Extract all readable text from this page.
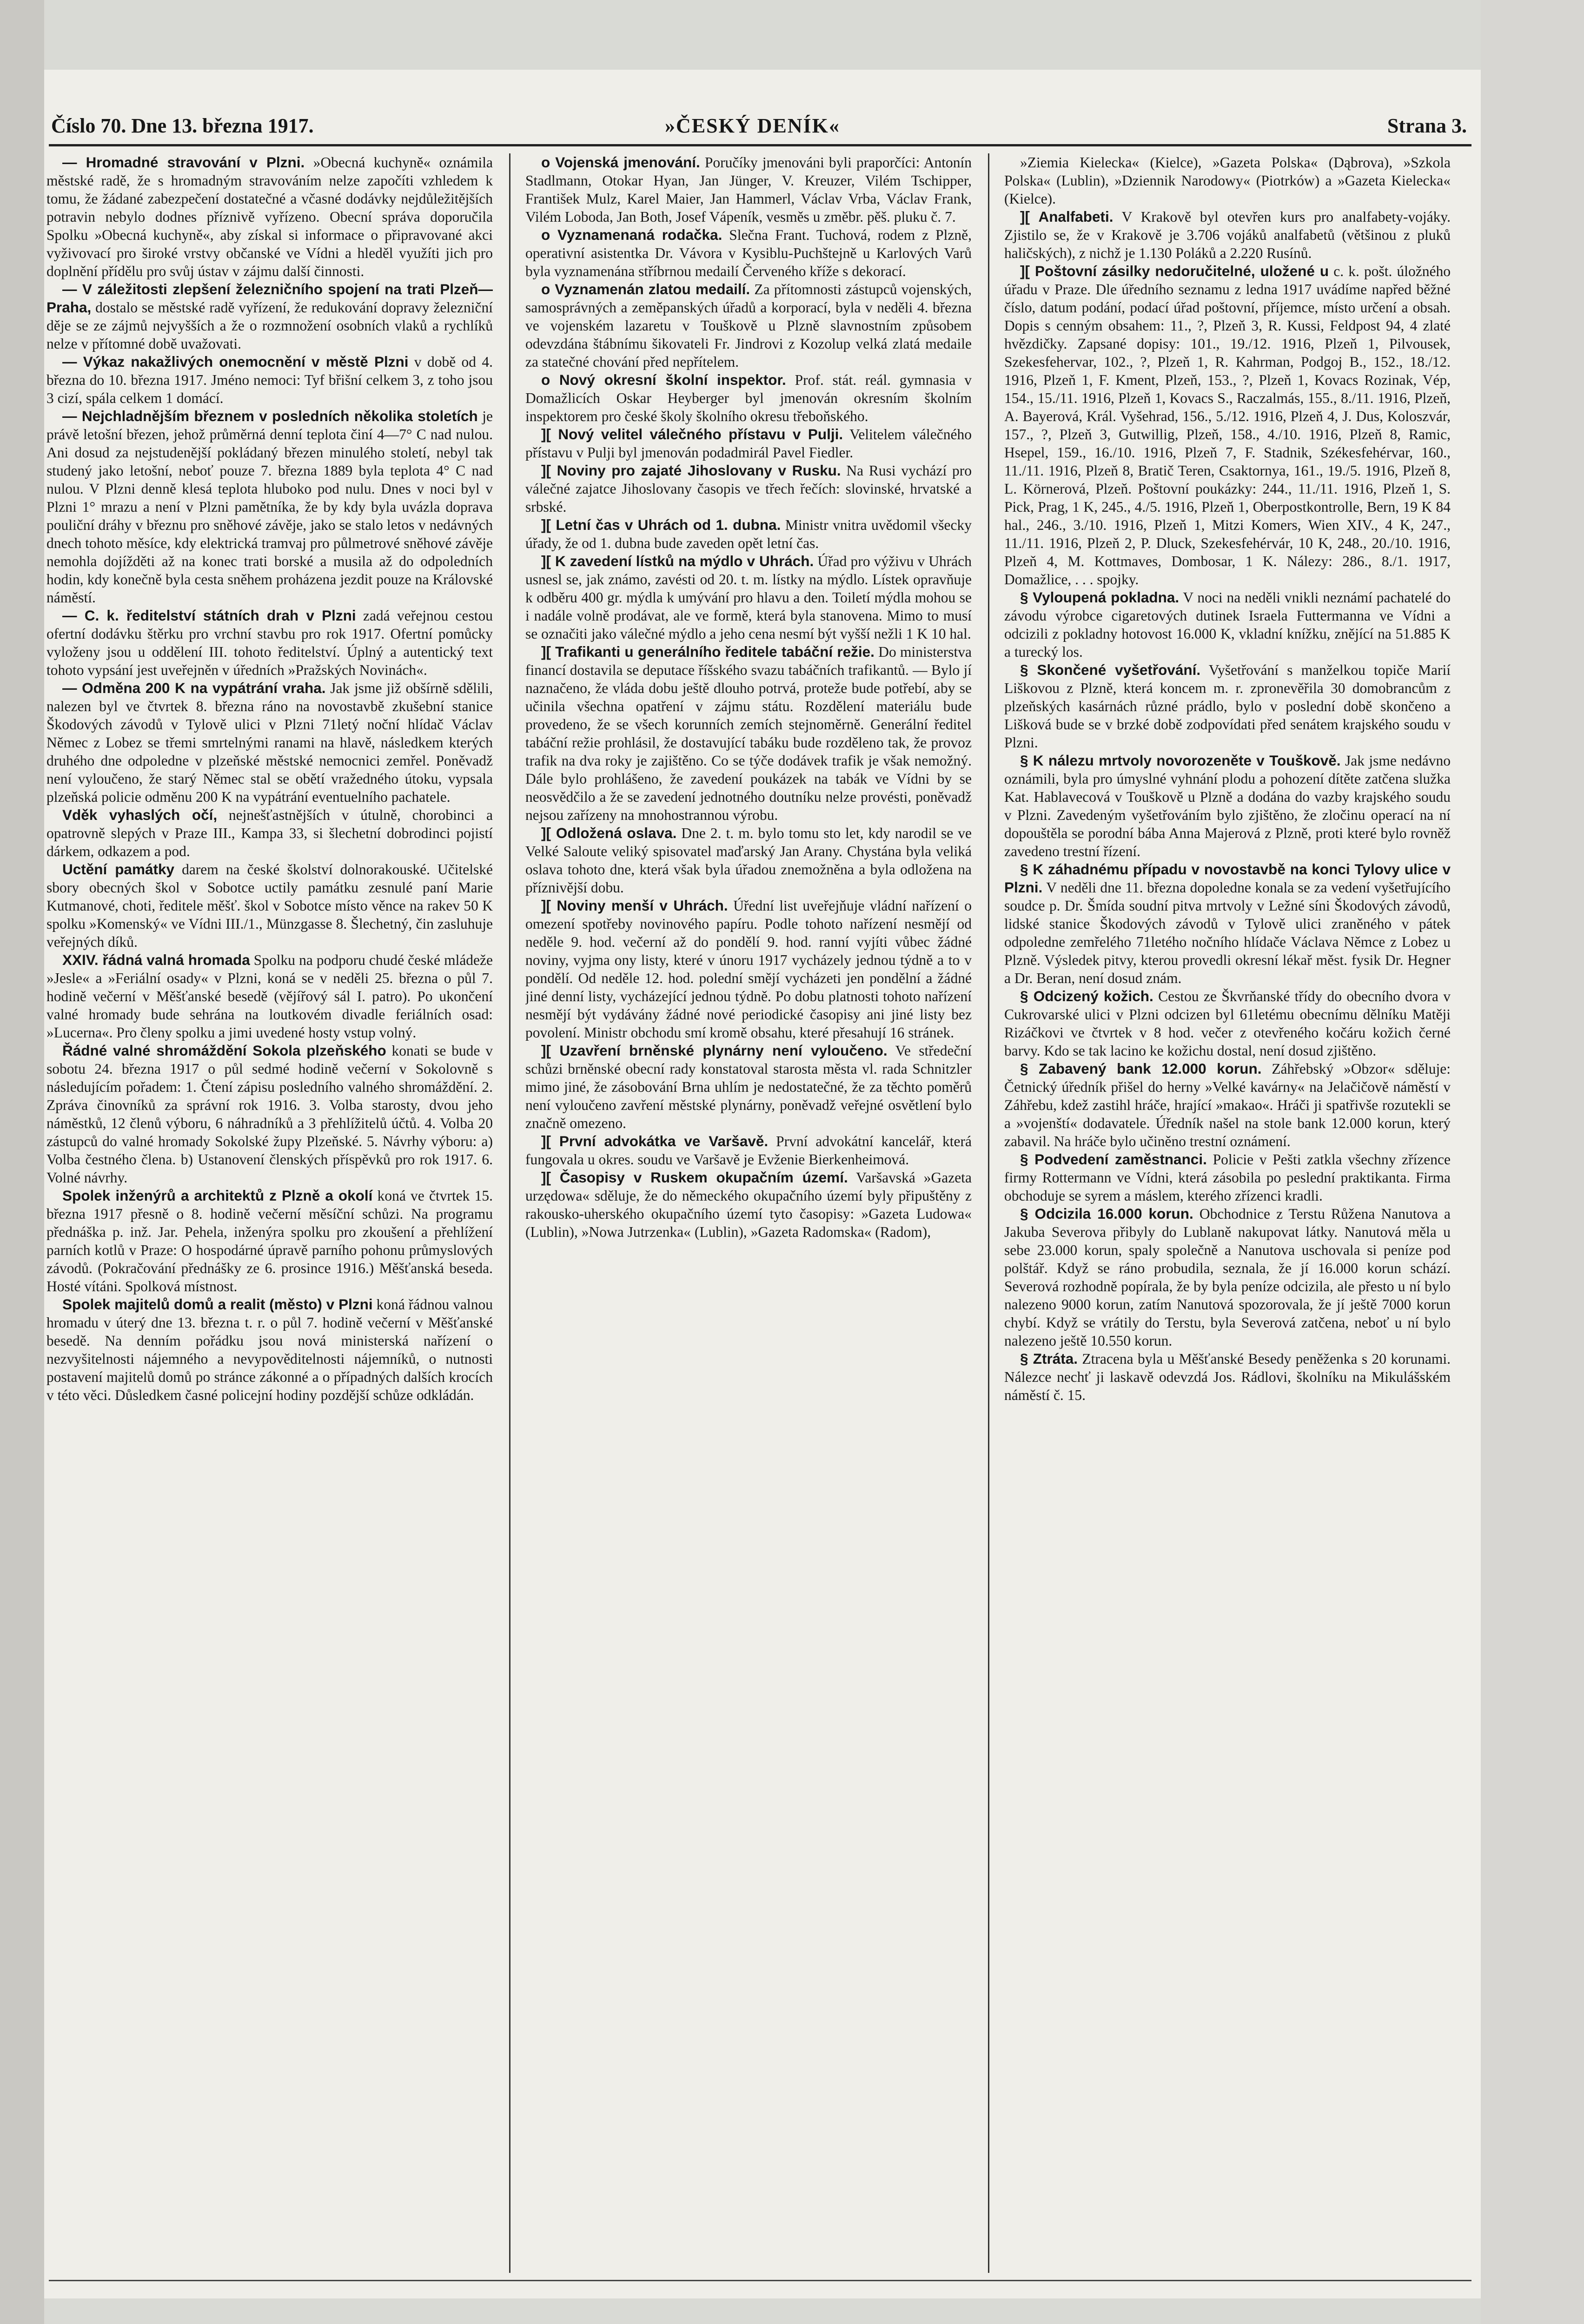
Číslo 70. Dne 13. března 1917.	»ČESKÝ DENÍK«	Strana 3.

— Hromadné stravování v Plzni. »Obecná kuchyně« oznámila městské radě, že s hromadným stravováním nelze započíti vzhledem k tomu, že žádané zabezpečení dostatečné a včasné dodávky nejdůležitějších potravin nebylo dodnes příznivě vyřízeno. Obecní správa doporučila Spolku »Obecná kuchyně«, aby získal si informace o připravované akci vyživovací pro široké vrstvy občanské ve Vídni a hleděl využíti jich pro doplnění přídělu pro svůj ústav v zájmu další činnosti.

— V záležitosti zlepšení železničního spojení na trati Plzeň—Praha, dostalo se městské radě vyřízení, že redukování dopravy železniční děje se ze zájmů nejvyšších a že o rozmnožení osobních vlaků a rychlíků nelze v přítomné době uvažovati.

— Výkaz nakažlivých onemocnění v městě Plzni v době od 4. března do 10. března 1917. Jméno nemoci: Tyf břišní celkem 3, z toho jsou 3 cizí, spála celkem 1 domácí.

— Nejchladnějším březnem v posledních několika stoletích je právě letošní březen, jehož průměrná denní teplota činí 4—7° C nad nulou. Ani dosud za nejstudenější pokládaný březen minulého století, nebyl tak studený jako letošní, neboť pouze 7. března 1889 byla teplota 4° C nad nulou. V Plzni denně klesá teplota hluboko pod nulu. Dnes v noci byl v Plzni 1° mrazu a není v Plzni pamětníka, že by kdy byla uvázla doprava pouliční dráhy v březnu pro sněhové závěje, jako se stalo letos v nedávných dnech tohoto měsíce, kdy elektrická tramvaj pro půlmetrové sněhové závěje nemohla dojížděti až na konec trati borské a musila až do odpoledních hodin, kdy konečně byla cesta sněhem proházena jezdit pouze na Královské náměstí.

— C. k. ředitelství státních drah v Plzni zadá veřejnou cestou ofertní dodávku štěrku pro vrchní stavbu pro rok 1917. Ofertní pomůcky vyloženy jsou u oddělení III. tohoto ředitelství. Úplný a autentický text tohoto vypsání jest uveřejněn v úředních »Pražských Novinách«.

— Odměna 200 K na vypátrání vraha. Jak jsme již obšírně sdělili, nalezen byl ve čtvrtek 8. března ráno na novostavbě zkušební stanice Škodových závodů v Tylově ulici v Plzni 71letý noční hlídač Václav Němec z Lobez se třemi smrtelnými ranami na hlavě, následkem kterých druhého dne odpoledne v plzeňské městské nemocnici zemřel. Poněvadž není vyloučeno, že starý Němec stal se obětí vražedného útoku, vypsala plzeňská policie odměnu 200 K na vypátrání eventuelního pachatele.

Vděk vyhaslých očí, nejnešťastnějších v útulně, chorobinci a opatrovně slepých v Praze III., Kampa 33, si šlechetní dobrodinci pojistí dárkem, odkazem a pod.

Uctění památky darem na české školství dolnorakouské. Učitelské sbory obecných škol v Sobotce uctily památku zesnulé paní Marie Kutmanové, choti, ředitele měšť. škol v Sobotce místo věnce na rakev 50 K spolku »Komenský« ve Vídni III./1., Münzgasse 8. Šlechetný, čin zasluhuje veřejných díků.

XXIV. řádná valná hromada Spolku na podporu chudé české mládeže »Jesle« a »Feriální osady« v Plzni, koná se v neděli 25. března o půl 7. hodině večerní v Měšťanské besedě (vějířový sál I. patro). Po ukončení valné hromady bude sehrána na loutkovém divadle feriálních osad: »Lucerna«. Pro členy spolku a jimi uvedené hosty vstup volný.

Řádné valné shromáždění Sokola plzeňského konati se bude v sobotu 24. března 1917 o půl sedmé hodině večerní v Sokolovně s následujícím pořadem: 1. Čtení zápisu posledního valného shromáždění. 2. Zpráva činovníků za správní rok 1916. 3. Volba starosty, dvou jeho náměstků, 12 členů výboru, 6 náhradníků a 3 přehlížitelů účtů. 4. Volba 20 zástupců do valné hromady Sokolské župy Plzeňské. 5. Návrhy výboru: a) Volba čestného člena. b) Ustanovení členských příspěvků pro rok 1917. 6. Volné návrhy.

Spolek inženýrů a architektů z Plzně a okolí koná ve čtvrtek 15. března 1917 přesně o 8. hodině večerní měsíční schůzi. Na programu přednáška p. inž. Jar. Pehela, inženýra spolku pro zkoušení a přehlížení parních kotlů v Praze: O hospodárné úpravě parního pohonu průmyslových závodů. (Pokračování přednášky ze 6. prosince 1916.) Měšťanská beseda. Hosté vítáni. Spolková místnost.

Spolek majitelů domů a realit (město) v Plzni koná řádnou valnou hromadu v úterý dne 13. března t. r. o půl 7. hodině večerní v Měšťanské besedě. Na denním pořádku jsou nová ministerská nařízení o nezvyšitelnosti nájemného a nevypověditelnosti nájemníků, o nutnosti postavení majitelů domů po stránce zákonné a o případných dalších krocích v této věci. Důsledkem časné policejní hodiny pozdější schůze odkládán.

o Vojenská jmenování. Poručíky jmenováni byli praporčíci: Antonín Stadlmann, Otokar Hyan, Jan Jünger, V. Kreuzer, Vilém Tschipper, František Mulz, Karel Maier, Jan Hammerl, Václav Vrba, Václav Frank, Vilém Loboda, Jan Both, Josef Vápeník, vesměs u změbr. pěš. pluku č. 7.

o Vyznamenaná rodačka. Slečna Frant. Tuchová, rodem z Plzně, operativní asistentka Dr. Vávora v Kysiblu-Puchštejně u Karlových Varů byla vyznamenána stříbrnou medailí Červeného kříže s dekorací.

o Vyznamenán zlatou medailí. Za přítomnosti zástupců vojenských, samosprávných a zeměpanských úřadů a korporací, byla v neděli 4. března ve vojenském lazaretu v Touškově u Plzně slavnostním způsobem odevzdána štábnímu šikovateli Fr. Jindrovi z Kozolup velká zlatá medaile za statečné chování před nepřítelem.

o Nový okresní školní inspektor. Prof. stát. reál. gymnasia v Domažlicích Oskar Heyberger byl jmenován okresním školním inspektorem pro české školy školního okresu třeboňského.

][ Nový velitel válečného přístavu v Pulji. Velitelem válečného přístavu v Pulji byl jmenován podadmirál Pavel Fiedler.

][ Noviny pro zajaté Jihoslovany v Rusku. Na Rusi vychází pro válečné zajatce Jihoslovany časopis ve třech řečích: slovinské, hrvatské a srbské.

][ Letní čas v Uhrách od 1. dubna. Ministr vnitra uvědomil všecky úřady, že od 1. dubna bude zaveden opět letní čas.

][ K zavedení lístků na mýdlo v Uhrách. Úřad pro výživu v Uhrách usnesl se, jak známo, zavésti od 20. t. m. lístky na mýdlo. Lístek opravňuje k odběru 400 gr. mýdla k umývání pro hlavu a den. Toiletí mýdla mohou se i nadále volně prodávat, ale ve formě, která byla stanovena. Mimo to musí se označiti jako válečné mýdlo a jeho cena nesmí být vyšší nežli 1 K 10 hal.

][ Trafikanti u generálního ředitele tabáční režie. Do ministerstva financí dostavila se deputace říšského svazu tabáčních trafikantů. — Bylo jí naznačeno, že vláda dobu ještě dlouho potrvá, proteže bude potřebí, aby se učinila všechna opatření v zájmu státu. Rozdělení materiálu bude provedeno, že se všech korunních zemích stejnoměrně. Generální ředitel tabáční režie prohlásil, že dostavující tabáku bude rozděleno tak, že provoz trafik na dva roky je zajištěno. Co se týče dodávek trafik je však nemožný. Dále bylo prohlášeno, že zavedení poukázek na tabák ve Vídni by se neosvědčilo a že se zavedení jednotného doutníku nelze provésti, poněvadž nejsou zařízeny na mnohostrannou výrobu.

][ Odložená oslava. Dne 2. t. m. bylo tomu sto let, kdy narodil se ve Velké Saloute veliký spisovatel maďarský Jan Arany. Chystána byla veliká oslava tohoto dne, která však byla úřadou znemožněna a byla odložena na příznivější dobu.

][ Noviny menší v Uhrách. Úřední list uveřejňuje vládní nařízení o omezení spotřeby novinového papíru. Podle tohoto nařízení nesmějí od neděle 9. hod. večerní až do pondělí 9. hod. ranní vyjíti vůbec žádné noviny, vyjma ony listy, které v únoru 1917 vycházely jednou týdně a to v pondělí. Od neděle 12. hod. polední smějí vycházeti jen pondělní a žádné jiné denní listy, vycházející jednou týdně. Po dobu platnosti tohoto nařízení nesmějí být vydávány žádné nové periodické časopisy ani jiné listy bez povolení. Ministr obchodu smí kromě obsahu, které přesahují 16 stránek.

][ Uzavření brněnské plynárny není vyloučeno. Ve středeční schůzi brněnské obecní rady konstatoval starosta města vl. rada Schnitzler mimo jiné, že zásobování Brna uhlím je nedostatečné, že za těchto poměrů není vyloučeno zavření městské plynárny, poněvadž veřejné osvětlení bylo značně omezeno.

][ První advokátka ve Varšavě. První advokátní kancelář, která fungovala u okres. soudu ve Varšavě je Evženie Bierkenheimová.

][ Časopisy v Ruskem okupačním území. Varšavská »Gazeta urzędowa« sděluje, že do německého okupačního území byly připuštěny z rakousko-uherského okupačního území tyto časopisy: »Gazeta Ludowa« (Lublin), »Nowa Jutrzenka« (Lublin), »Gazeta Radomska« (Radom),

»Ziemia Kielecka« (Kielce), »Gazeta Polska« (Dąbrova), »Szkola Polska« (Lublin), »Dziennik Narodowy« (Piotrków) a »Gazeta Kielecka« (Kielce).

][ Analfabeti. V Krakově byl otevřen kurs pro analfabety-vojáky. Zjistilo se, že v Krakově je 3.706 vojáků analfabetů (většinou z pluků haličských), z nichž je 1.130 Poláků a 2.220 Rusínů.

][ Poštovní zásilky nedoručitelné, uložené u c. k. pošt. úložného úřadu v Praze. Dle úředního seznamu z ledna 1917 uvádíme napřed běžné číslo, datum podání, podací úřad poštovní, příjemce, místo určení a obsah. Dopis s cenným obsahem: 11., ?, Plzeň 3, R. Kussi, Feldpost 94, 4 zlaté hvězdičky. Zapsané dopisy: 101., 19./12. 1916, Plzeň 1, Pilvousek, Szekesfehervar, 102., ?, Plzeň 1, R. Kahrman, Podgoj B., 152., 18./12. 1916, Plzeň 1, F. Kment, Plzeň, 153., ?, Plzeň 1, Kovacs Rozinak, Vép, 154., 15./11. 1916, Plzeň 1, Kovacs S., Raczalmás, 155., 8./11. 1916, Plzeň, A. Bayerová, Král. Vyšehrad, 156., 5./12. 1916, Plzeň 4, J. Dus, Koloszvár, 157., ?, Plzeň 3, Gutwillig, Plzeň, 158., 4./10. 1916, Plzeň 8, Ramic, Hsepel, 159., 16./10. 1916, Plzeň 7, F. Stadnik, Székesfehérvar, 160., 11./11. 1916, Plzeň 8, Bratič Teren, Csaktornya, 161., 19./5. 1916, Plzeň 8, L. Körnerová, Plzeň. Poštovní poukázky: 244., 11./11. 1916, Plzeň 1, S. Pick, Prag, 1 K, 245., 4./5. 1916, Plzeň 1, Oberpostkontrolle, Bern, 19 K 84 hal., 246., 3./10. 1916, Plzeň 1, Mitzi Komers, Wien XIV., 4 K, 247., 11./11. 1916, Plzeň 2, P. Dluck, Szekesfehérvár, 10 K, 248., 20./10. 1916, Plzeň 4, M. Kottmaves, Dombosar, 1 K. Nálezy: 286., 8./1. 1917, Domažlice, . . . spojky.

§ Vyloupená pokladna. V noci na neděli vnikli neznámí pachatelé do závodu výrobce cigaretových dutinek Israela Futtermanna ve Vídni a odcizili z pokladny hotovost 16.000 K, vkladní knížku, znějící na 51.885 K a turecký los.

§ Skončené vyšetřování. Vyšetřování s manželkou topiče Marií Liškovou z Plzně, která koncem m. r. zpronevěřila 30 domobrancům z plzeňských kasárnách různé prádlo, bylo v poslední době skončeno a Lišková bude se v brzké době zodpovídati před senátem krajského soudu v Plzni.

§ K nálezu mrtvoly novorozeněte v Touškově. Jak jsme nedávno oznámili, byla pro úmyslné vyhnání plodu a pohození dítěte zatčena služka Kat. Hablavecová v Touškově u Plzně a dodána do vazby krajského soudu v Plzni. Zavedeným vyšetřováním bylo zjištěno, že zločinu operací na ní dopouštěla se porodní bába Anna Majerová z Plzně, proti které bylo rovněž zavedeno trestní řízení.

§ K záhadnému případu v novostavbě na konci Tylovy ulice v Plzni. V neděli dne 11. března dopoledne konala se za vedení vyšetřujícího soudce p. Dr. Šmída soudní pitva mrtvoly v Ležné síni Škodových závodů, lidské stanice Škodových závodů v Tylově ulici zraněného v pátek odpoledne zemřelého 71letého nočního hlídače Václava Němce z Lobez u Plzně. Výsledek pitvy, kterou provedli okresní lékař měst. fysik Dr. Hegner a Dr. Beran, není dosud znám.

§ Odcizený kožich. Cestou ze Škvrňanské třídy do obecního dvora v Cukrovarské ulici v Plzni odcizen byl 61letému obecnímu dělníku Matěji Rizáčkovi ve čtvrtek v 8 hod. večer z otevřeného kočáru kožich černé barvy. Kdo se tak lacino ke kožichu dostal, není dosud zjištěno.

§ Zabavený bank 12.000 korun. Záhřebský »Obzor« sděluje: Četnický úředník přišel do herny »Velké kavárny« na Jelačičově náměstí v Záhřebu, kdež zastihl hráče, hrající »makao«. Hráči ji spatřivše rozutekli se a »vojenští« dodavatele. Úředník našel na stole bank 12.000 korun, který zabavil. Na hráče bylo učiněno trestní oznámení.

§ Podvedení zaměstnanci. Policie v Pešti zatkla všechny zřízence firmy Rottermann ve Vídni, která zásobila po peslední praktikanta. Firma obchoduje se syrem a máslem, kterého zřízenci kradli.

§ Odcizila 16.000 korun. Obchodnice z Terstu Růžena Nanutova a Jakuba Severova přibyly do Lublaně nakupovat látky. Nanutová měla u sebe 23.000 korun, spaly společně a Nanutova uschovala si peníze pod polštář. Když se ráno probudila, seznala, že jí 16.000 korun schází. Severová rozhodně popírala, že by byla peníze odcizila, ale přesto u ní bylo nalezeno 9000 korun, zatím Nanutová spozorovala, že jí ještě 7000 korun chybí. Když se vrátily do Terstu, byla Severová zatčena, neboť u ní bylo nalezeno ještě 10.550 korun.

§ Ztráta. Ztracena byla u Měšťanské Besedy peněženka s 20 korunami. Nálezce nechť ji laskavě odevzdá Jos. Rádlovi, školníku na Mikulášském náměstí č. 15.
